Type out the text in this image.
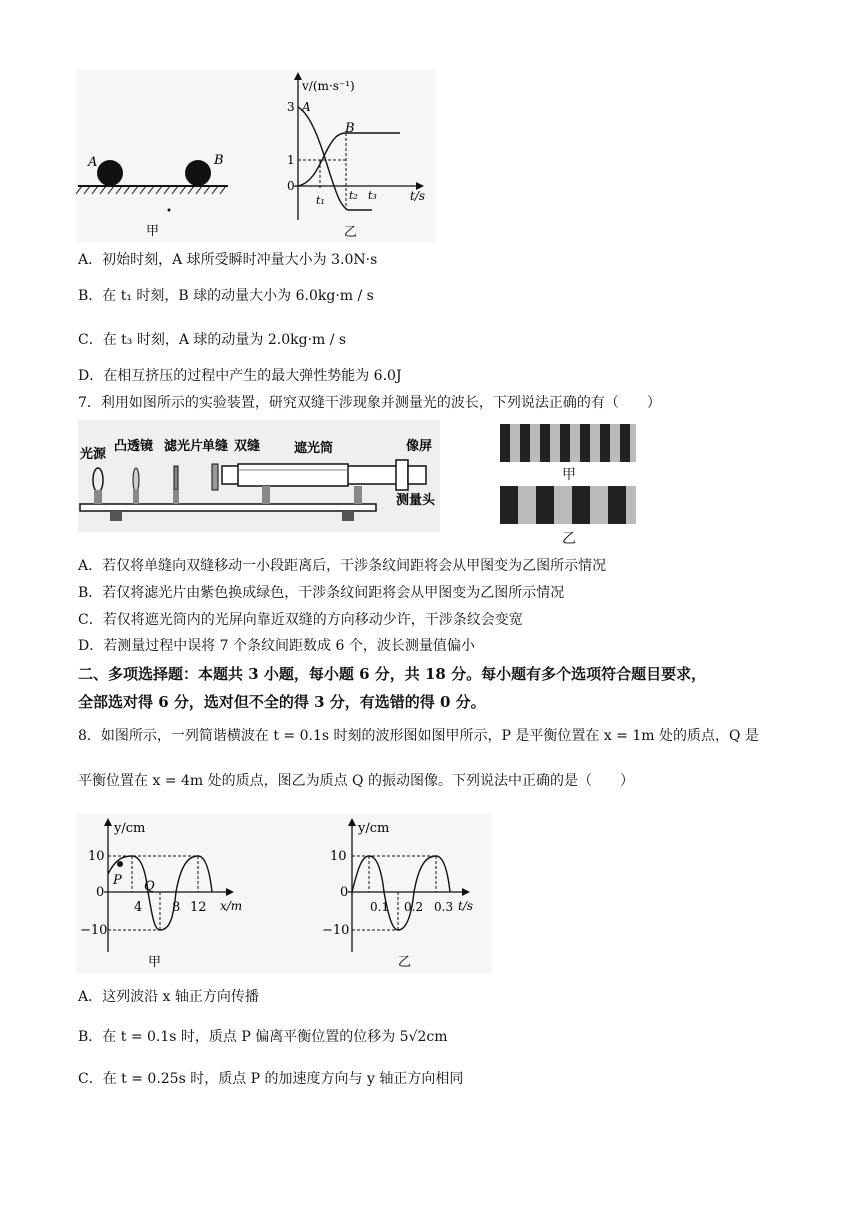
A	B
甲
v/(m·s⁻¹)
t/s
3 A
1
0
B
t₁ t₂ t₃
乙
A．初始时刻，A 球所受瞬时冲量大小为 3.0N·s
B．在 t₁ 时刻，B 球的动量大小为 6.0kg·m / s
C．在 t₃ 时刻，A 球的动量为 2.0kg·m / s
D．在相互挤压的过程中产生的最大弹性势能为 6.0J
7．利用如图所示的实验装置，研究双缝干涉现象并测量光的波长，下列说法正确的有（　　）
光源
凸透镜 滤光片
单缝 双缝	遮光筒	像屏
测量头
甲
乙
A．若仅将单缝向双缝移动一小段距离后，干涉条纹间距将会从甲图变为乙图所示情况
B．若仅将滤光片由紫色换成绿色，干涉条纹间距将会从甲图变为乙图所示情况
C．若仅将遮光筒内的光屏向靠近双缝的方向移动少许，干涉条纹会变宽
D．若测量过程中误将 7 个条纹间距数成 6 个，波长测量值偏小
二、多项选择题：本题共 3 小题，每小题 6 分，共 18 分。每小题有多个选项符合题目要求，
全部选对得 6 分，选对但不全的得 3 分，有选错的得 0 分。
8．如图所示，一列简谐横波在 t = 0.1s 时刻的波形图如图甲所示，P 是平衡位置在 x = 1m 处的质点，Q 是
平衡位置在 x = 4m 处的质点，图乙为质点 Q 的振动图像。下列说法中正确的是（　　）
y/cm
x/m
10
0
−10
P Q
4 8 12
甲
y/cm
t/s
10
0
−10
0.1 0.2 0.3
乙
A．这列波沿 x 轴正方向传播
B．在 t = 0.1s 时，质点 P 偏离平衡位置的位移为 5√2cm
C．在 t = 0.25s 时，质点 P 的加速度方向与 y 轴正方向相同
